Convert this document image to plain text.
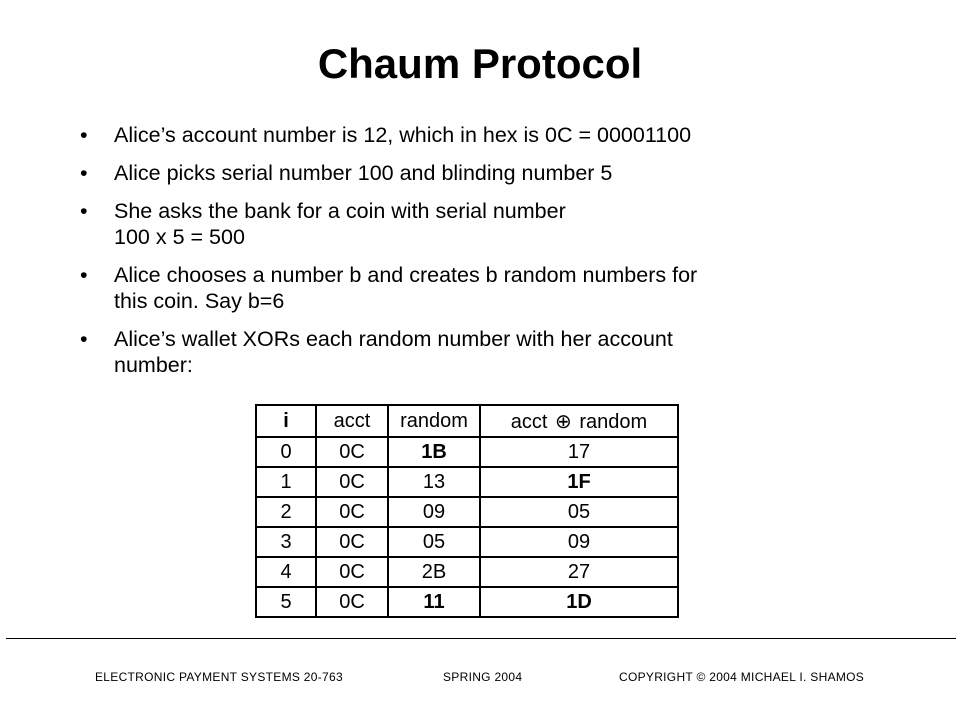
Chaum Protocol
• Alice’s account number is 12, which in hex is 0C = 00001100
• Alice picks serial number 100 and blinding number 5
• She asks the bank for a coin with serial number
100 x 5 = 500
• Alice chooses a number b and creates b random numbers for
this coin. Say b=6
• Alice’s wallet XORs each random number with her account
number:
i	acct	random	acct ⊕ random
0	0C	1B	17
1	0C	13	1F
2	0C	09	05
3	0C	05	09
4	0C	2B	27
5	0C	11	1D
ELECTRONIC PAYMENT SYSTEMS 20-763	SPRING 2004	COPYRIGHT © 2004 MICHAEL I. SHAMOS
